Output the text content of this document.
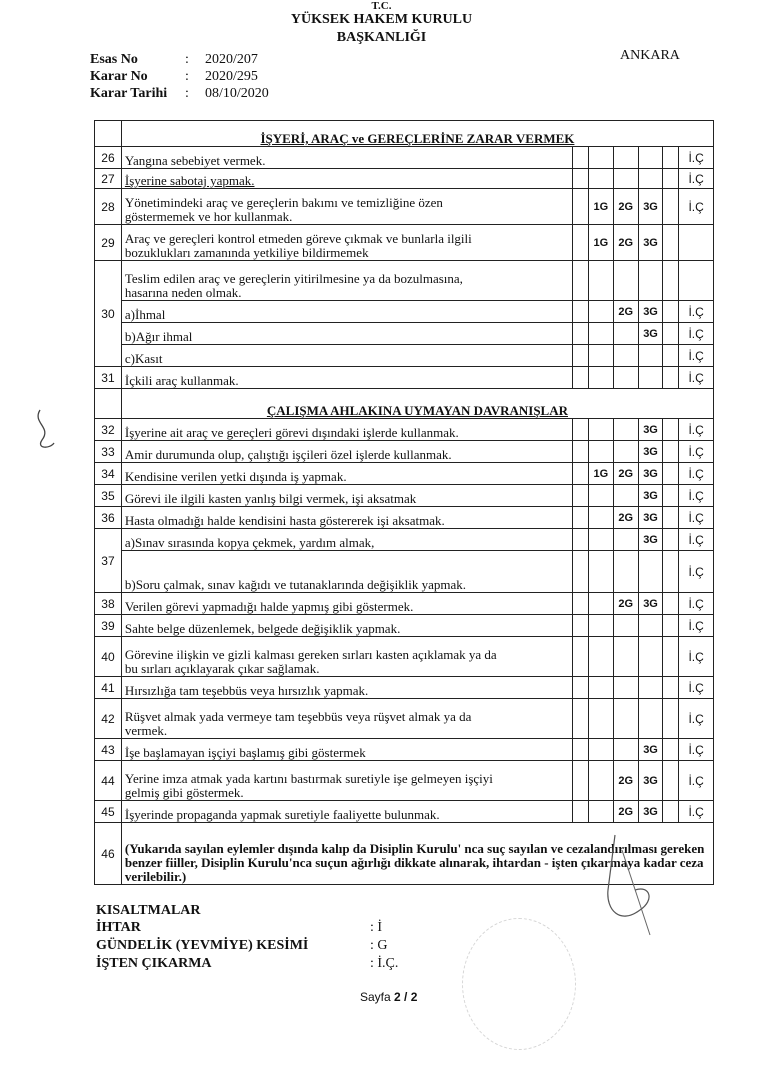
T.C.
YÜKSEK HAKEM KURULU
BAŞKANLIĞI
ANKARA
Esas No	: 2020/207
Karar No	: 2020/295
Karar Tarihi : 08/10/2020
	İŞYERİ, ARAÇ ve GEREÇLERİNE ZARAR VERMEK						
26	Yangına sebebiyet vermek.						İ.Ç
27	İşyerine sabotaj yapmak.						İ.Ç
28	Yönetimindeki araç ve gereçlerin bakımı ve temizliğine özen
göstermemek ve hor kullanmak.		1G	2G	3G		İ.Ç
29	Araç ve gereçleri kontrol etmeden göreve çıkmak ve bunlarla ilgili
bozuklukları zamanında yetkiliye bildirmemek		1G	2G	3G		
30	Teslim edilen araç ve gereçlerin yitirilmesine ya da bozulmasına,
hasarına neden olmak.						

	a)İhmal			2G	3G		İ.Ç
	b)Ağır ihmal				3G		İ.Ç
	c)Kasıt						İ.Ç
31	İçkili araç kullanmak.						İ.Ç
	ÇALIŞMA AHLAKINA UYMAYAN DAVRANIŞLAR						
32	İşyerine ait araç ve gereçleri görevi dışındaki işlerde kullanmak.				3G		İ.Ç
33	Amir durumunda olup, çalıştığı işçileri özel işlerde kullanmak.				3G		İ.Ç
34	Kendisine verilen yetki dışında iş yapmak.		1G	2G	3G		İ.Ç
35	Görevi ile ilgili kasten yanlış bilgi vermek, işi aksatmak				3G		İ.Ç
36	Hasta olmadığı halde kendisini hasta göstererek işi aksatmak.			2G	3G		İ.Ç
37	a)Sınav sırasında kopya çekmek, yardım almak,				3G		İ.Ç
	b)Soru çalmak, sınav kağıdı ve tutanaklarında değişiklik yapmak.						İ.Ç
38	Verilen görevi yapmadığı halde yapmış gibi göstermek.			2G	3G		İ.Ç
39	Sahte belge düzenlemek, belgede değişiklik yapmak.						İ.Ç
40	Görevine ilişkin ve gizli kalması gereken sırları kasten açıklamak ya da
bu sırları açıklayarak çıkar sağlamak.						İ.Ç
41	Hırsızlığa tam teşebbüs veya hırsızlık yapmak.						İ.Ç
42	Rüşvet almak yada vermeye tam teşebbüs veya rüşvet almak ya da
vermek.						İ.Ç
43	İşe başlamayan işçiyi başlamış gibi göstermek				3G		İ.Ç
44	Yerine imza atmak yada kartını bastırmak suretiyle işe gelmeyen işçiyi
gelmiş gibi göstermek.			2G	3G		İ.Ç
45	İşyerinde propaganda yapmak suretiyle faaliyette bulunmak.			2G	3G		İ.Ç
46	(Yukarıda sayılan eylemler dışında kalıp da Disiplin Kurulu' nca suç sayılan ve cezalandırılması gereken benzer fiiller, Disiplin Kurulu'nca suçun ağırlığı dikkate alınarak, ihtardan - işten çıkarmaya kadar ceza verilebilir.)						
KISALTMALAR
İHTAR	: İ
GÜNDELİK (YEVMİYE) KESİMİ	: G
İŞTEN ÇIKARMA	: İ.Ç.
Sayfa 2 / 2
